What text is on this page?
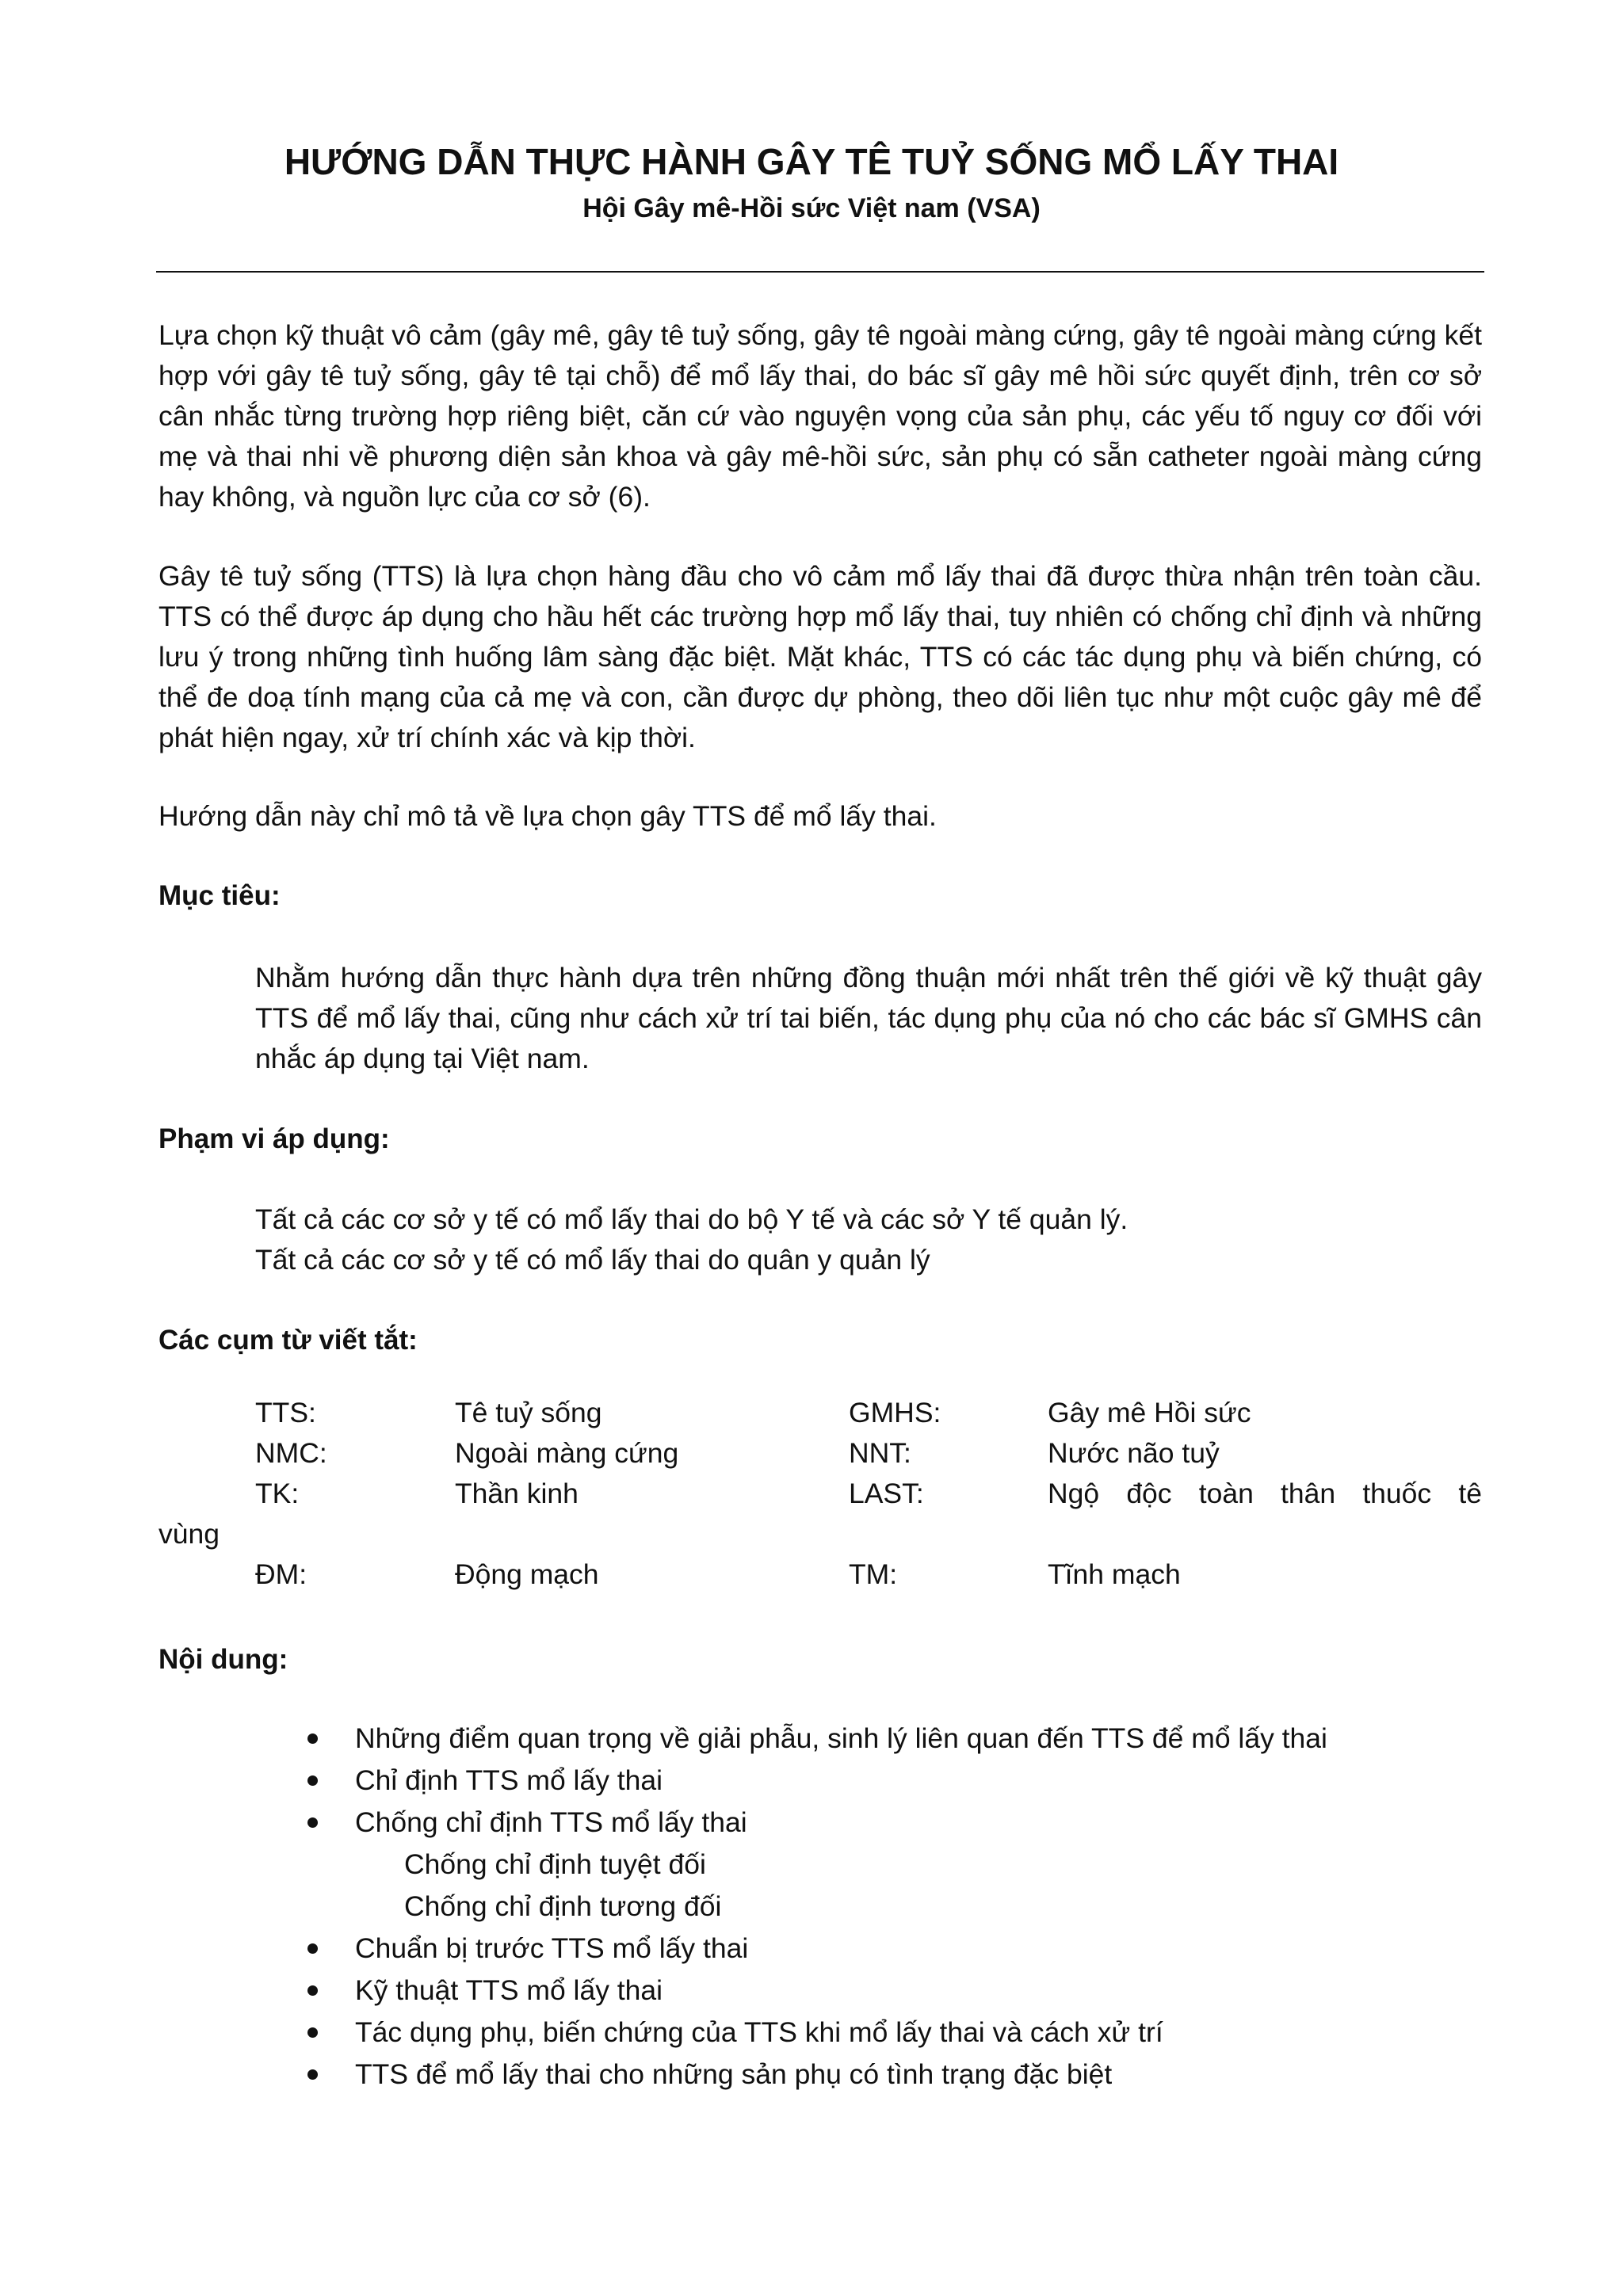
HƯỚNG DẪN THỰC HÀNH GÂY TÊ TUỶ SỐNG MỔ LẤY THAI
Hội Gây mê-Hồi sức Việt nam (VSA)

Lựa chọn kỹ thuật vô cảm (gây mê, gây tê tuỷ sống, gây tê ngoài màng cứng, gây tê ngoài màng cứng kết hợp với gây tê tuỷ sống, gây tê tại chỗ) để mổ lấy thai, do bác sĩ gây mê hồi sức quyết định, trên cơ sở cân nhắc từng trường hợp riêng biệt, căn cứ vào nguyện vọng của sản phụ, các yếu tố nguy cơ đối với mẹ và thai nhi về phương diện sản khoa và gây mê-hồi sức, sản phụ có sẵn catheter ngoài màng cứng hay không, và nguồn lực của cơ sở (6).

Gây tê tuỷ sống (TTS) là lựa chọn hàng đầu cho vô cảm mổ lấy thai đã được thừa nhận trên toàn cầu. TTS có thể được áp dụng cho hầu hết các trường hợp mổ lấy thai, tuy nhiên có chống chỉ định và những lưu ý trong những tình huống lâm sàng đặc biệt. Mặt khác, TTS có các tác dụng phụ và biến chứng, có thể đe doạ tính mạng của cả mẹ và con, cần được dự phòng, theo dõi liên tục như một cuộc gây mê để phát hiện ngay, xử trí chính xác và kịp thời.

Hướng dẫn này chỉ mô tả về lựa chọn gây TTS để mổ lấy thai.

Mục tiêu:

Nhằm hướng dẫn thực hành dựa trên những đồng thuận mới nhất trên thế giới về kỹ thuật gây TTS để mổ lấy thai, cũng như cách xử trí tai biến, tác dụng phụ của nó cho các bác sĩ GMHS cân nhắc áp dụng tại Việt nam.

Phạm vi áp dụng:

Tất cả các cơ sở y tế có mổ lấy thai do bộ Y tế và các sở Y tế quản lý.

Tất cả các cơ sở y tế có mổ lấy thai do quân y quản lý

Các cụm từ viết tắt:

TTS:	Tê tuỷ sống	GMHS:	Gây mê Hồi sức
NMC:	Ngoài màng cứng	NNT:	Nước não tuỷ
TK:	Thần kinh	LAST:	Ngộ độc toàn thân thuốc tê
vùng
ĐM:	Động mạch	TM:	Tĩnh mạch

Nội dung:

Những điểm quan trọng về giải phẫu, sinh lý liên quan đến TTS để mổ lấy thai
Chỉ định TTS mổ lấy thai
Chống chỉ định TTS mổ lấy thai
Chống chỉ định tuyệt đối
Chống chỉ định tương đối
Chuẩn bị trước TTS mổ lấy thai
Kỹ thuật TTS mổ lấy thai
Tác dụng phụ, biến chứng của TTS khi mổ lấy thai và cách xử trí
TTS để mổ lấy thai cho những sản phụ có tình trạng đặc biệt
